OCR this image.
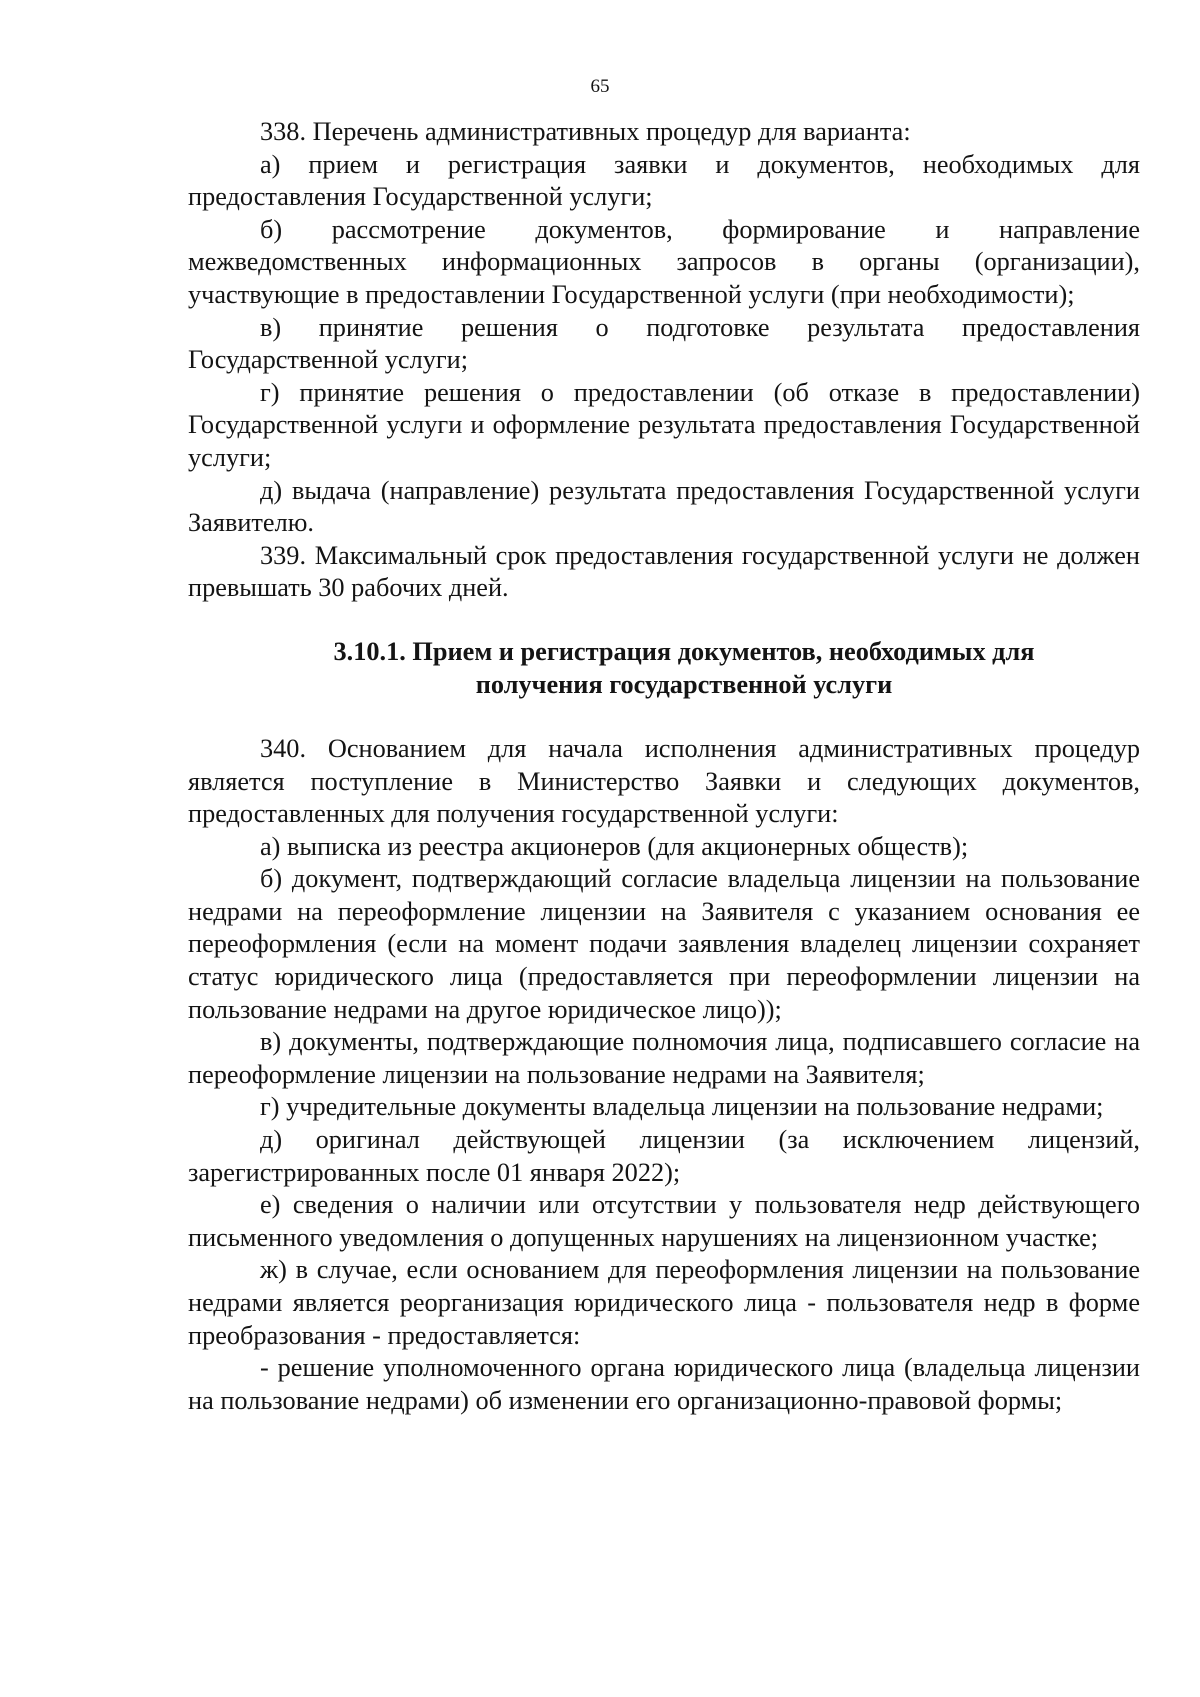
65

338. Перечень административных процедур для варианта:

а) прием и регистрация заявки и документов, необходимых для предоставления Государственной услуги;

б) рассмотрение документов, формирование и направление межведомственных информационных запросов в органы (организации), участвующие в предоставлении Государственной услуги (при необходимости);

в) принятие решения о подготовке результата предоставления Государственной услуги;

г) принятие решения о предоставлении (об отказе в предоставлении) Государственной услуги и оформление результата предоставления Государственной услуги;

д) выдача (направление) результата предоставления Государственной услуги Заявителю.

339. Максимальный срок предоставления государственной услуги не должен превышать 30 рабочих дней.

3.10.1. Прием и регистрация документов, необходимых для
получения государственной услуги

340. Основанием для начала исполнения административных процедур является поступление в Министерство Заявки и следующих документов, предоставленных для получения государственной услуги:

а) выписка из реестра акционеров (для акционерных обществ);

б) документ, подтверждающий согласие владельца лицензии на пользование недрами на переоформление лицензии на Заявителя с указанием основания ее переоформления (если на момент подачи заявления владелец лицензии сохраняет статус юридического лица (предоставляется при переоформлении лицензии на пользование недрами на другое юридическое лицо));

в) документы, подтверждающие полномочия лица, подписавшего согласие на переоформление лицензии на пользование недрами на Заявителя;

г) учредительные документы владельца лицензии на пользование недрами;

д) оригинал действующей лицензии (за исключением лицензий, зарегистрированных после 01 января 2022);

е) сведения о наличии или отсутствии у пользователя недр действующего письменного уведомления о допущенных нарушениях на лицензионном участке;

ж) в случае, если основанием для переоформления лицензии на пользование недрами является реорганизация юридического лица - пользователя недр в форме преобразования - предоставляется:

- решение уполномоченного органа юридического лица (владельца лицензии на пользование недрами) об изменении его организационно-правовой формы;
